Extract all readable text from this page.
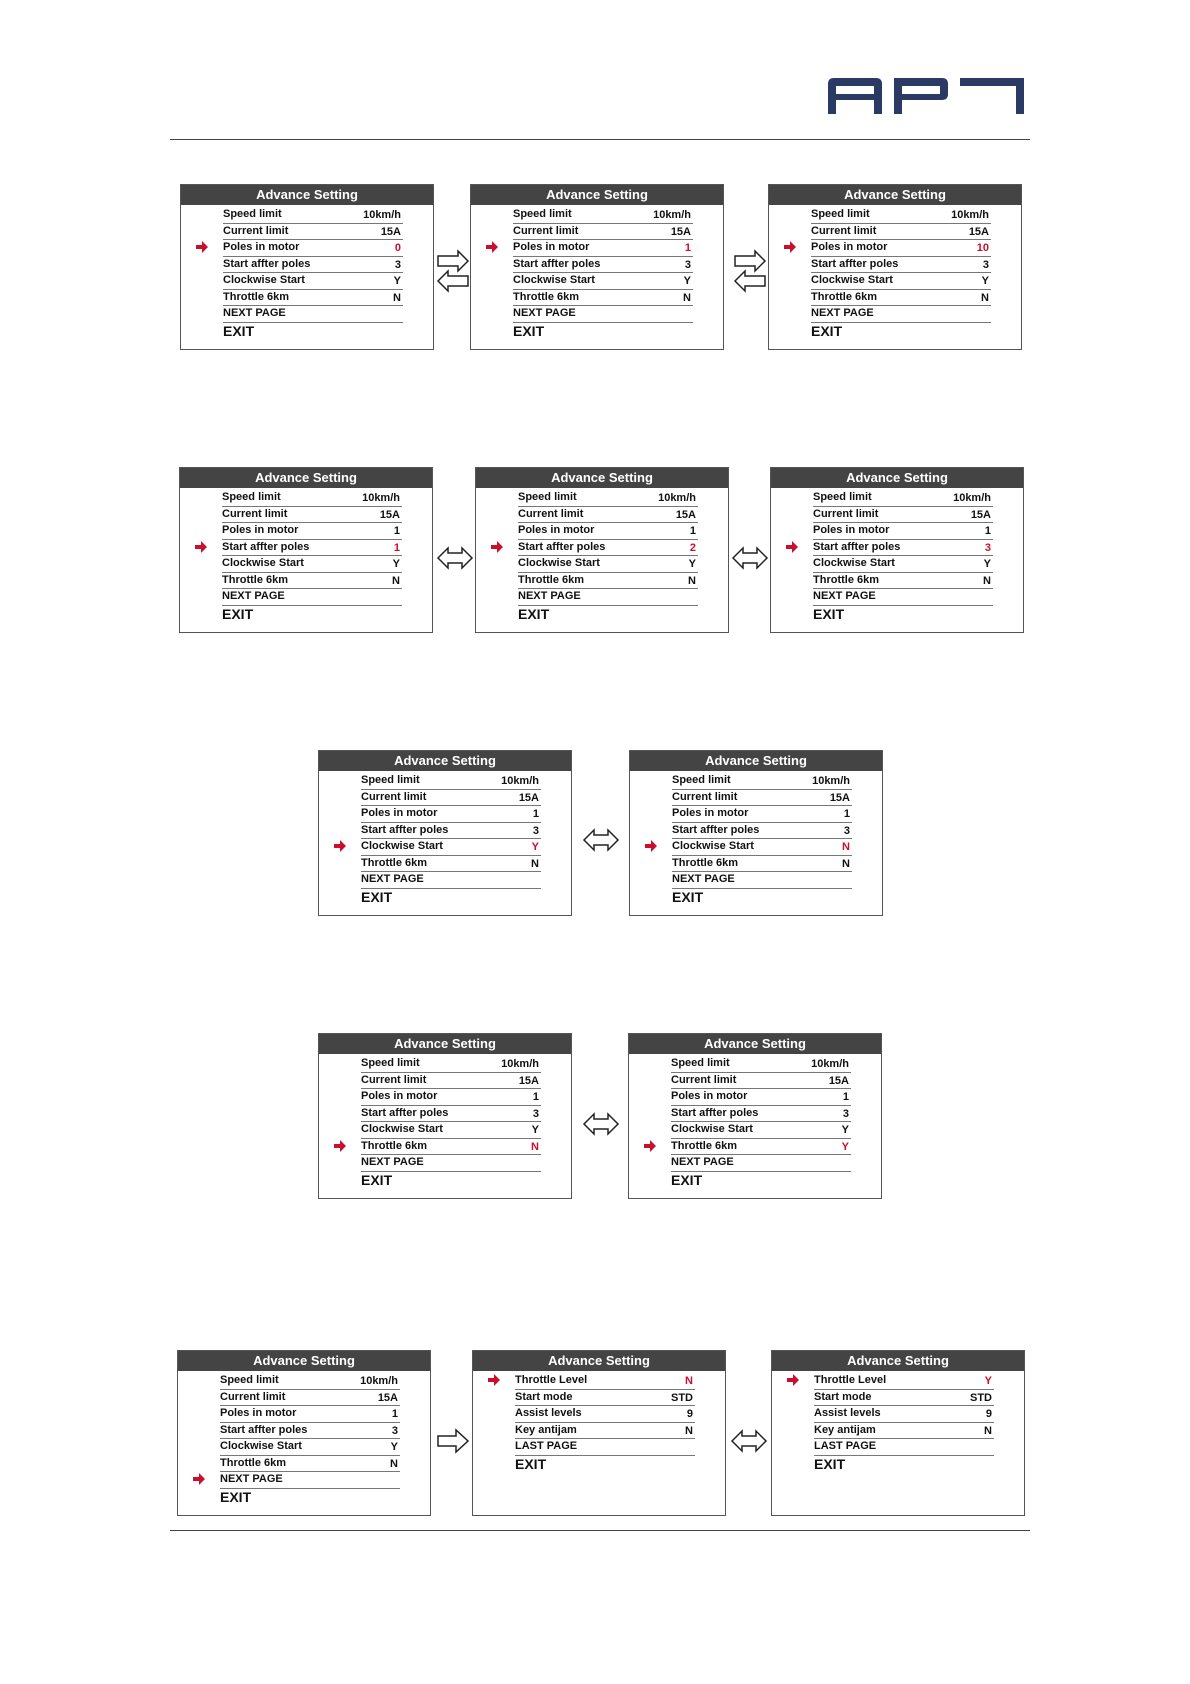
Advance Setting
Speed limit	10km/h
Current limit	15A
Poles in motor	0
Start affter poles	3
Clockwise Start	Y
Throttle 6km	N
NEXT PAGE
EXIT
Advance Setting
Speed limit	10km/h
Current limit	15A
Poles in motor	1
Start affter poles	3
Clockwise Start	Y
Throttle 6km	N
NEXT PAGE
EXIT
Advance Setting
Speed limit	10km/h
Current limit	15A
Poles in motor	10
Start affter poles	3
Clockwise Start	Y
Throttle 6km	N
NEXT PAGE
EXIT
Advance Setting
Speed limit	10km/h
Current limit	15A
Poles in motor	1
Start affter poles	1
Clockwise Start	Y
Throttle 6km	N
NEXT PAGE
EXIT
Advance Setting
Speed limit	10km/h
Current limit	15A
Poles in motor	1
Start affter poles	2
Clockwise Start	Y
Throttle 6km	N
NEXT PAGE
EXIT
Advance Setting
Speed limit	10km/h
Current limit	15A
Poles in motor	1
Start affter poles	3
Clockwise Start	Y
Throttle 6km	N
NEXT PAGE
EXIT
Advance Setting
Speed limit	10km/h
Current limit	15A
Poles in motor	1
Start affter poles	3
Clockwise Start	Y
Throttle 6km	N
NEXT PAGE
EXIT
Advance Setting
Speed limit	10km/h
Current limit	15A
Poles in motor	1
Start affter poles	3
Clockwise Start	N
Throttle 6km	N
NEXT PAGE
EXIT
Advance Setting
Speed limit	10km/h
Current limit	15A
Poles in motor	1
Start affter poles	3
Clockwise Start	Y
Throttle 6km	N
NEXT PAGE
EXIT
Advance Setting
Speed limit	10km/h
Current limit	15A
Poles in motor	1
Start affter poles	3
Clockwise Start	Y
Throttle 6km	Y
NEXT PAGE
EXIT
Advance Setting
Speed limit	10km/h
Current limit	15A
Poles in motor	1
Start affter poles	3
Clockwise Start	Y
Throttle 6km	N
NEXT PAGE
EXIT
Advance Setting
Throttle Level	N
Start mode	STD
Assist levels	9
Key antijam	N
LAST PAGE
EXIT
Advance Setting
Throttle Level	Y
Start mode	STD
Assist levels	9
Key antijam	N
LAST PAGE
EXIT
